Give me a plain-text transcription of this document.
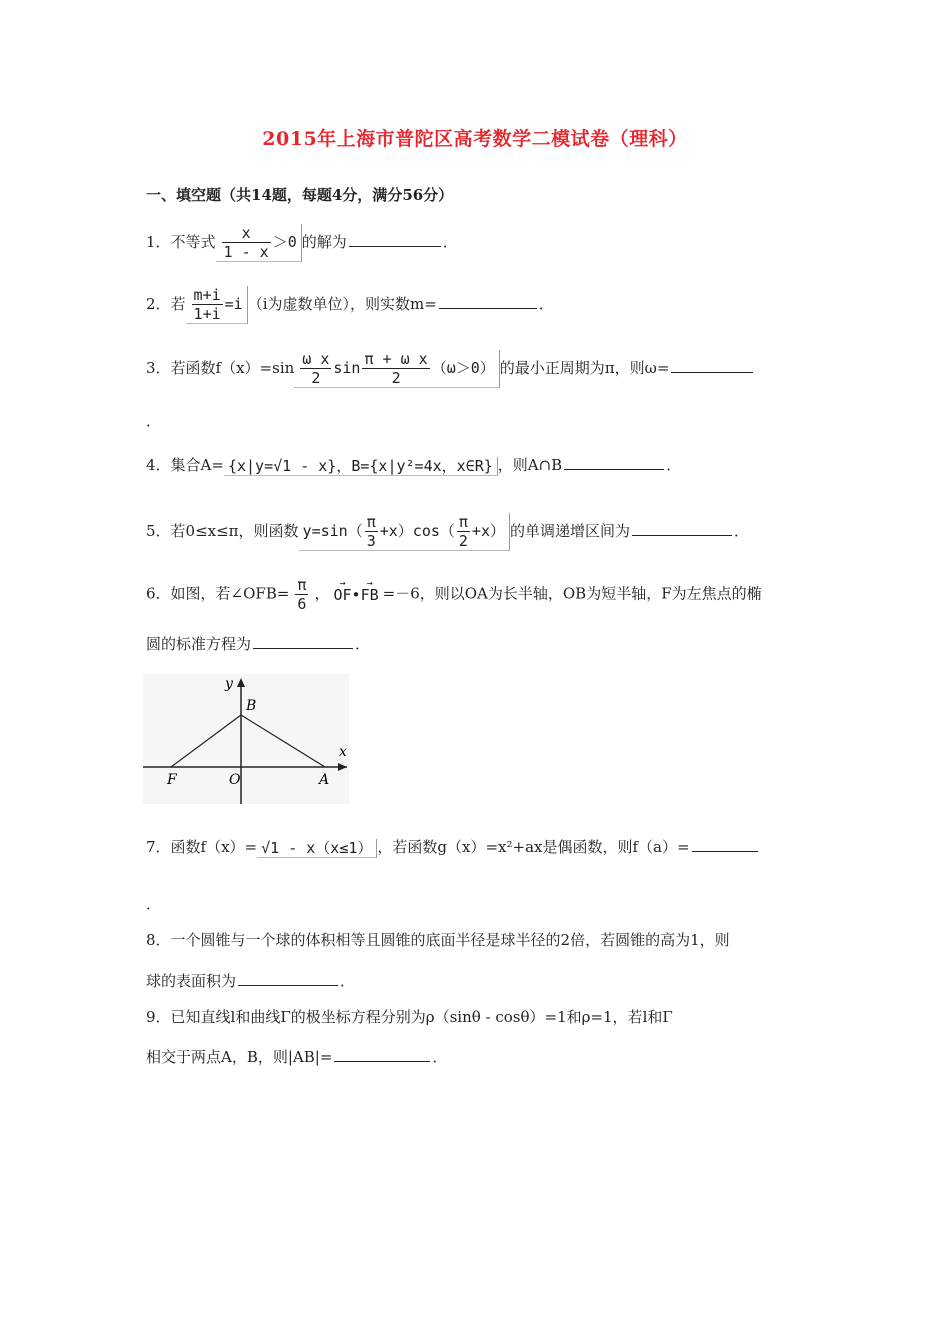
2015年上海市普陀区高考数学二模试卷（理科）
一、填空题（共14题，每题4分，满分56分）
1．不等式 $\frac{x}{1 - x} >0$ 的解为	．
2．若 $\frac{m+i}{1+i} =i$ （i为虚数单位），则实数m=	．
3．若函数$f(x)=\sin \frac{\text{ω x}}{2}$ $\sin \frac{\text{π + ω x}}{2} (\omega>0)$ 的最小正周期为π，则ω=
．
4．集合A= {x|y=√1 - x}，B={x|y²=4x，x∈R} ，则A∩B	．
5．若0≤x≤π，则函数 $y=\sin( \frac{\pi}{3} +x)\cos( \frac{\pi}{2} +x)$ 的单调递增区间为	．
6．如图，若∠OFB= $\frac{\pi}{6}$ ，→ OF•→ FB =－6，则以OA为长半轴，OB为短半轴，F为左焦点的椭
圆的标准方程为	．
y
x
B
F	O	A
7．函数f（x）= √1 - x（x≤1） ，若函数g（x）=x²+ax是偶函数，则f（a）=
．
8．一个圆锥与一个球的体积相等且圆锥的底面半径是球半径的2倍，若圆锥的高为1，则
球的表面积为	．
9．已知直线l和曲线Γ的极坐标方程分别为ρ（sinθ - cosθ）=1和ρ=1，若l和Γ
相交于两点A，B，则|AB|=	．
